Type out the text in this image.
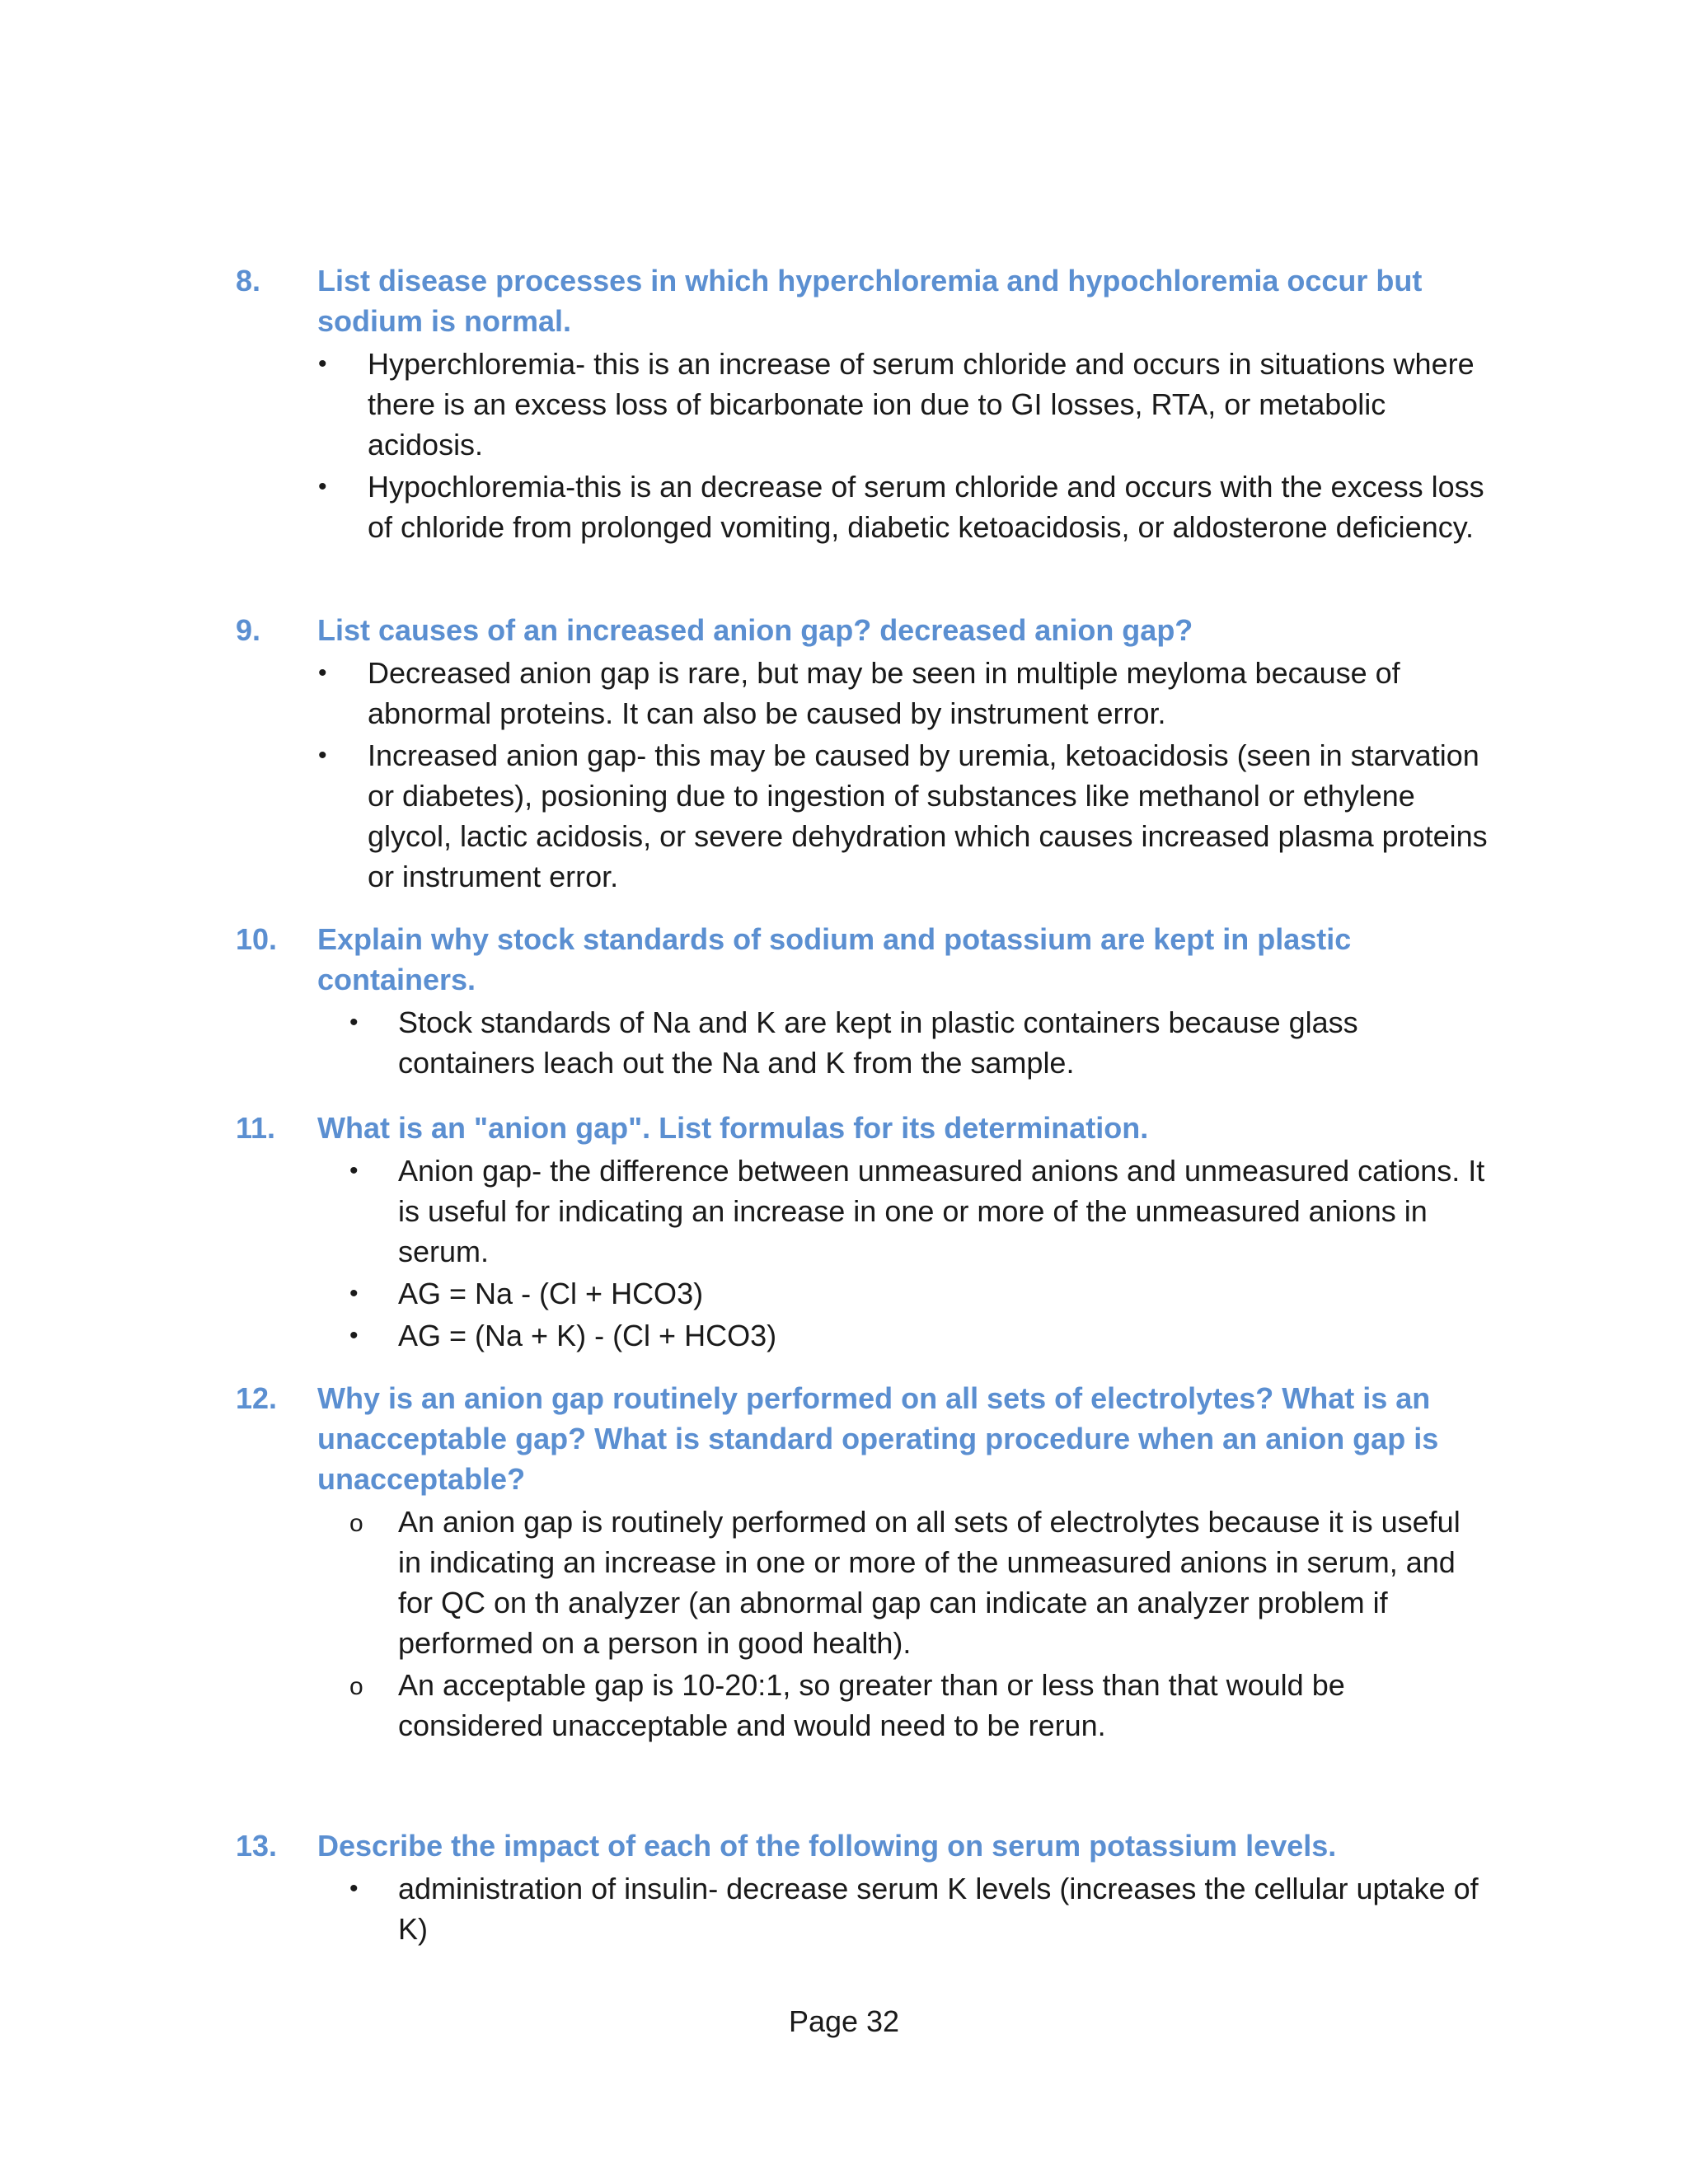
8. List disease processes in which hyperchloremia and hypochloremia occur but sodium is normal.
• Hyperchloremia- this is an increase of serum chloride and occurs in situations where there is an excess loss of bicarbonate ion due to GI losses, RTA, or metabolic acidosis.
• Hypochloremia-this is an decrease of serum chloride and occurs with the excess loss of chloride from prolonged vomiting, diabetic ketoacidosis, or aldosterone deficiency.
9. List causes of an increased anion gap? decreased anion gap?
• Decreased anion gap is rare, but may be seen in multiple meyloma because of abnormal proteins. It can also be caused by instrument error.
• Increased anion gap- this may be caused by uremia, ketoacidosis (seen in starvation or diabetes), posioning due to ingestion of substances like methanol or ethylene glycol, lactic acidosis, or severe dehydration which causes increased plasma proteins or instrument error.
10. Explain why stock standards of sodium and potassium are kept in plastic containers.
• Stock standards of Na and K are kept in plastic containers because glass containers leach out the Na and K from the sample.
11. What is an "anion gap". List formulas for its determination.
• Anion gap- the difference between unmeasured anions and unmeasured cations. It is useful for indicating an increase in one or more of the unmeasured anions in serum.
• AG = Na - (Cl + HCO3)
• AG = (Na + K) - (Cl + HCO3)
12. Why is an anion gap routinely performed on all sets of electrolytes? What is an unacceptable gap? What is standard operating procedure when an anion gap is unacceptable?
o An anion gap is routinely performed on all sets of electrolytes because it is useful in indicating an increase in one or more of the unmeasured anions in serum, and for QC on th analyzer (an abnormal gap can indicate an analyzer problem if performed on a person in good health).
o An acceptable gap is 10-20:1, so greater than or less than that would be considered unacceptable and would need to be rerun.
13. Describe the impact of each of the following on serum potassium levels.
• administration of insulin- decrease serum K levels (increases the cellular uptake of K)
Page 32
